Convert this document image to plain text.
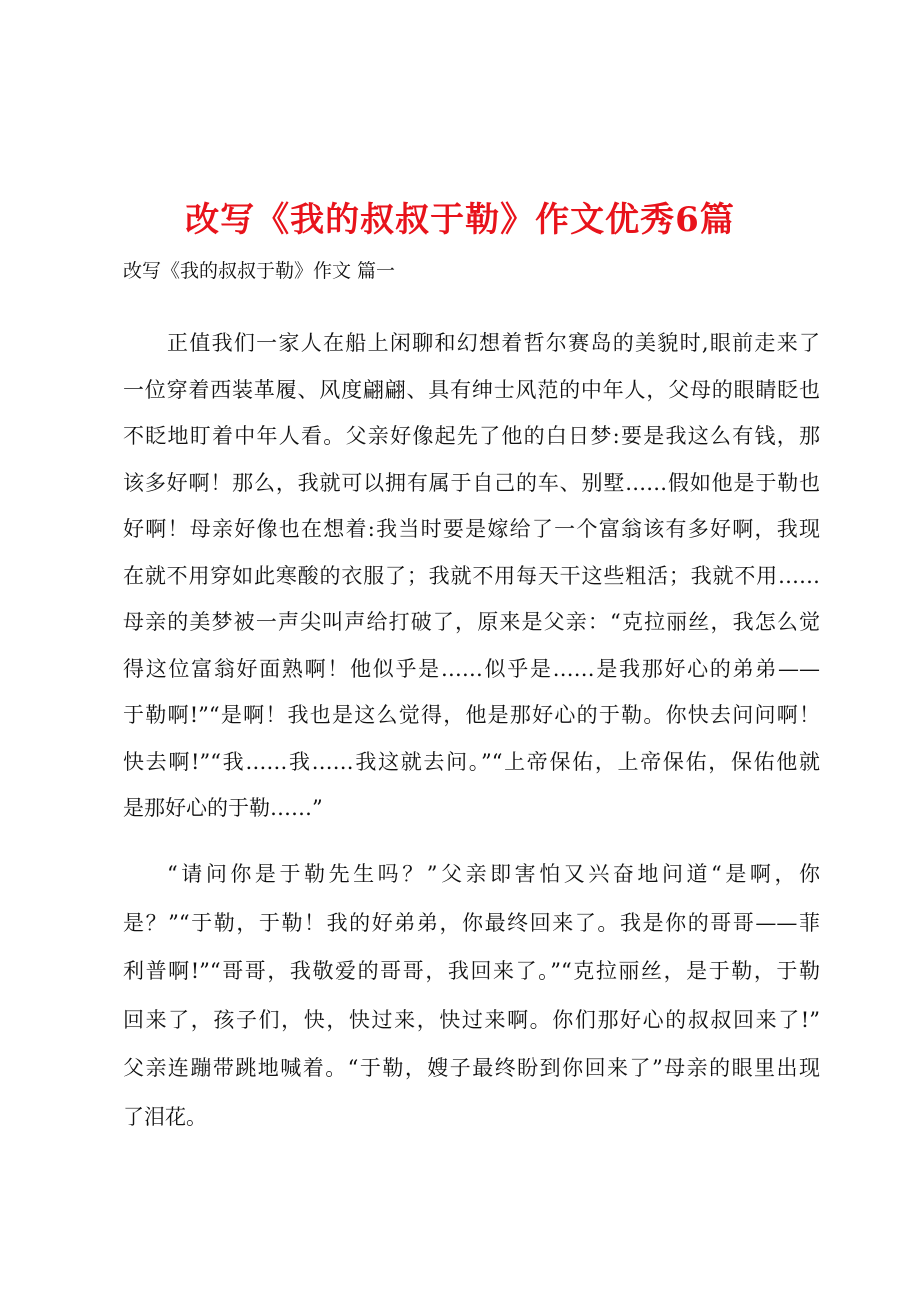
改写《我的叔叔于勒》作文优秀6篇
改写《我的叔叔于勒》作文 篇一
正值我们一家人在船上闲聊和幻想着哲尔赛岛的美貌时,眼前走来了
一位穿着西装革履、风度翩翩、具有绅士风范的中年人，父母的眼睛眨也
不眨地盯着中年人看。父亲好像起先了他的白日梦:要是我这么有钱，那
该多好啊！那么，我就可以拥有属于自己的车、别墅……假如他是于勒也
好啊！母亲好像也在想着:我当时要是嫁给了一个富翁该有多好啊，我现
在就不用穿如此寒酸的衣服了；我就不用每天干这些粗活；我就不用……
母亲的美梦被一声尖叫声给打破了，原来是父亲：“克拉丽丝，我怎么觉
得这位富翁好面熟啊！他似乎是……似乎是……是我那好心的弟弟——
于勒啊!”“是啊！我也是这么觉得，他是那好心的于勒。你快去问问啊！
快去啊!”“我……我……我这就去问。”“上帝保佑，上帝保佑，保佑他就
是那好心的于勒……”
“请问你是于勒先生吗？”父亲即害怕又兴奋地问道“是啊，你
是？”“于勒，于勒！我的好弟弟，你最终回来了。我是你的哥哥——菲
利普啊!”“哥哥，我敬爱的哥哥，我回来了。”“克拉丽丝，是于勒，于勒
回来了，孩子们，快，快过来，快过来啊。你们那好心的叔叔回来了!”
父亲连蹦带跳地喊着。“于勒，嫂子最终盼到你回来了”母亲的眼里出现
了泪花。
